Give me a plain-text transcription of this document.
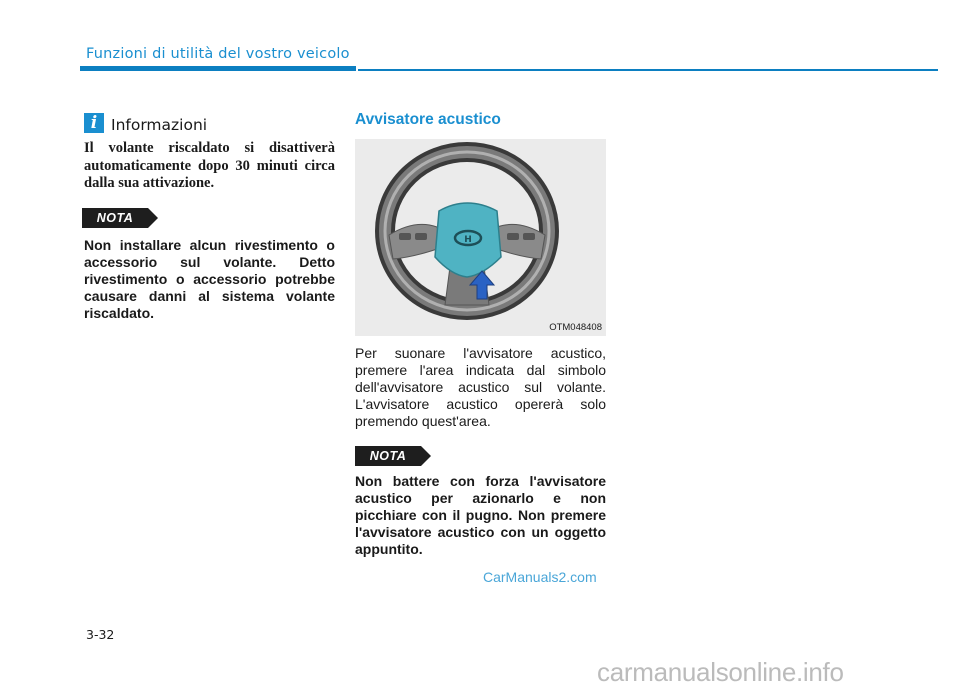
Funzioni di utilità del vostro veicolo
i Informazioni
Il volante riscaldato si disattiverà automaticamente dopo 30 minuti circa dalla sua attivazione.
NOTA
Non installare alcun rivestimento o accessorio sul volante. Detto rivestimento o accessorio potrebbe causare danni al sistema volante riscaldato.
Avvisatore acustico
H
OTM048408
Per suonare l'avvisatore acustico, premere l'area indicata dal simbolo dell'avvisatore acustico sul volante. L'avvisatore acustico opererà solo premendo quest'area.
NOTA
Non battere con forza l'avvisatore acustico per azionarlo e non picchiare con il pugno. Non premere l'avvisatore acustico con un oggetto appuntito.
CarManuals2.com
3-32
carmanualsonline.info
